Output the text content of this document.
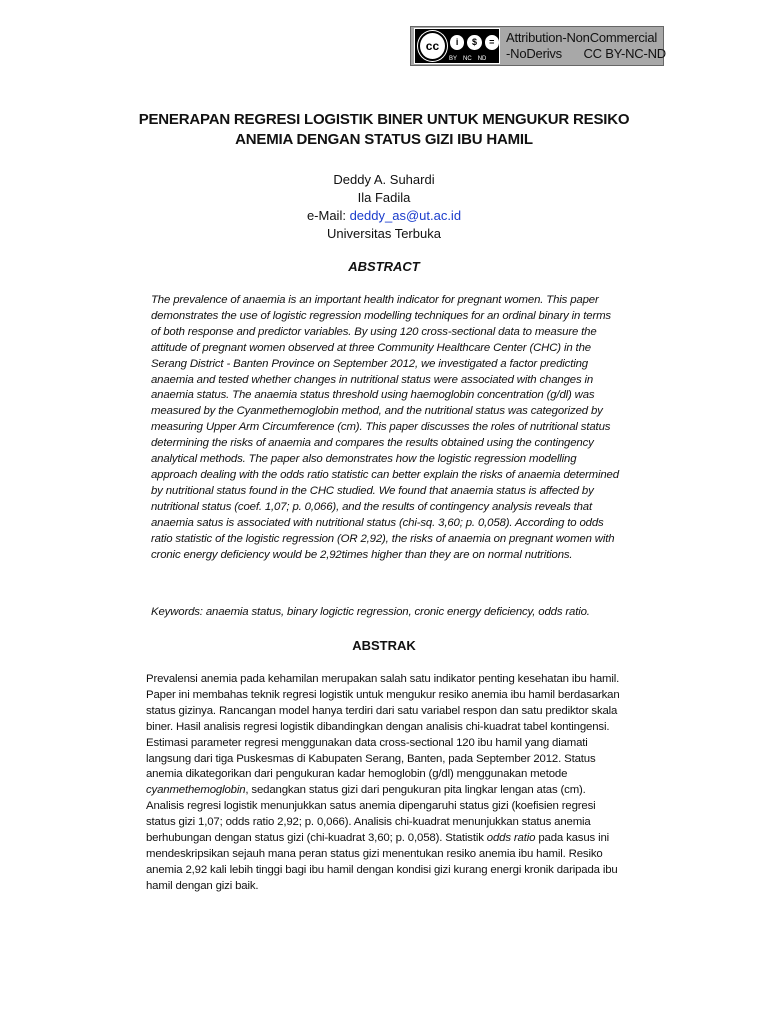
cc	i	$	=
BY NC ND
Attribution-NonCommercial
-NoDerivs CC BY-NC-ND
PENERAPAN REGRESI LOGISTIK BINER UNTUK MENGUKUR RESIKO
ANEMIA DENGAN STATUS GIZI IBU HAMIL
Deddy A. Suhardi
Ila Fadila
e-Mail: deddy_as@ut.ac.id
Universitas Terbuka
ABSTRACT
The prevalence of anaemia is an important health indicator for pregnant women. This paper demonstrates the use of logistic regression modelling techniques for an ordinal binary in terms of both response and predictor variables. By using 120 cross-sectional data to measure the attitude of pregnant women observed at three Community Healthcare Center (CHC) in the Serang District - Banten Province on September 2012, we investigated a factor predicting anaemia and tested whether changes in nutritional status were associated with changes in anaemia status. The anaemia status threshold using haemoglobin concentration (g/dl) was measured by the Cyanmethemoglobin method, and the nutritional status was categorized by measuring Upper Arm Circumference (cm). This paper discusses the roles of nutritional status determining the risks of anaemia and compares the results obtained using the contingency analytical methods. The paper also demonstrates how the logistic regression modelling approach dealing with the odds ratio statistic can better explain the risks of anaemia determined by nutritional status found in the CHC studied. We found that anaemia status is affected by nutritional status (coef. 1,07; p. 0,066), and the results of contingency analysis reveals that anaemia satus is associated with nutritional status (chi-sq. 3,60; p. 0,058). According to odds ratio statistic of the logistic regression (OR 2,92), the risks of anaemia on pregnant women with cronic energy deficiency would be 2,92times higher than they are on normal nutritions.
Keywords: anaemia status, binary logictic regression, cronic energy deficiency, odds ratio.
ABSTRAK
Prevalensi anemia pada kehamilan merupakan salah satu indikator penting kesehatan ibu hamil. Paper ini membahas teknik regresi logistik untuk mengukur resiko anemia ibu hamil berdasarkan status gizinya. Rancangan model hanya terdiri dari satu variabel respon dan satu prediktor skala biner. Hasil analisis regresi logistik dibandingkan dengan analisis chi-kuadrat tabel kontingensi. Estimasi parameter regresi menggunakan data cross-sectional 120 ibu hamil yang diamati langsung dari tiga Puskesmas di Kabupaten Serang, Banten, pada September 2012. Status anemia dikategorikan dari pengukuran kadar hemoglobin (g/dl) menggunakan metode cyanmethemoglobin, sedangkan status gizi dari pengukuran pita lingkar lengan atas (cm). Analisis regresi logistik menunjukkan satus anemia dipengaruhi status gizi (koefisien regresi status gizi 1,07; odds ratio 2,92; p. 0,066). Analisis chi-kuadrat menunjukkan status anemia berhubungan dengan status gizi (chi-kuadrat 3,60; p. 0,058). Statistik odds ratio pada kasus ini mendeskripsikan sejauh mana peran status gizi menentukan resiko anemia ibu hamil. Resiko anemia 2,92 kali lebih tinggi bagi ibu hamil dengan kondisi gizi kurang energi kronik daripada ibu hamil dengan gizi baik.
